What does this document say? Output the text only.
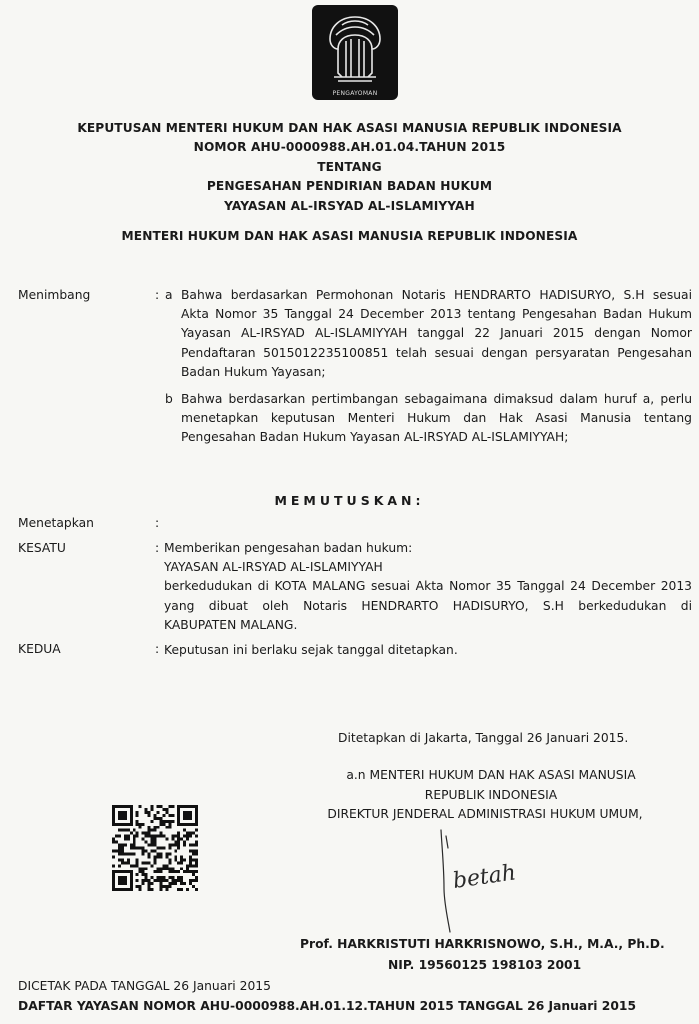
PENGAYOMAN
KEPUTUSAN MENTERI HUKUM DAN HAK ASASI MANUSIA REPUBLIK INDONESIA
NOMOR AHU-0000988.AH.01.04.TAHUN 2015
TENTANG
PENGESAHAN PENDIRIAN BADAN HUKUM
YAYASAN AL-IRSYAD AL-ISLAMIYYAH
MENTERI HUKUM DAN HAK ASASI MANUSIA REPUBLIK INDONESIA
Menimbang	: a Bahwa berdasarkan Permohonan Notaris HENDRARTO HADISURYO, S.H sesuai
Akta Nomor 35 Tanggal 24 December 2013 tentang Pengesahan Badan Hukum
Yayasan AL-IRSYAD AL-ISLAMIYYAH tanggal 22 Januari 2015 dengan Nomor
Pendaftaran 5015012235100851 telah sesuai dengan persyaratan Pengesahan
Badan Hukum Yayasan;
b Bahwa berdasarkan pertimbangan sebagaimana dimaksud dalam huruf a, perlu
menetapkan keputusan Menteri Hukum dan Hak Asasi Manusia tentang
Pengesahan Badan Hukum Yayasan AL-IRSYAD AL-ISLAMIYYAH;
MEMUTUSKAN:
Menetapkan	:
KESATU	: Memberikan pengesahan badan hukum:
YAYASAN AL-IRSYAD AL-ISLAMIYYAH
berkedudukan di KOTA MALANG sesuai Akta Nomor 35 Tanggal 24 December 2013
yang dibuat oleh Notaris HENDRARTO HADISURYO, S.H berkedudukan di
KABUPATEN MALANG.
KEDUA	: Keputusan ini berlaku sejak tanggal ditetapkan.
Ditetapkan di Jakarta, Tanggal 26 Januari 2015.
a.n MENTERI HUKUM DAN HAK ASASI MANUSIA
REPUBLIK INDONESIA
DIREKTUR JENDERAL ADMINISTRASI HUKUM UMUM,
betah
Prof. HARKRISTUTI HARKRISNOWO, S.H., M.A., Ph.D.
NIP. 19560125 198103 2001
DICETAK PADA TANGGAL 26 Januari 2015
DAFTAR YAYASAN NOMOR AHU-0000988.AH.01.12.TAHUN 2015 TANGGAL 26 Januari 2015
